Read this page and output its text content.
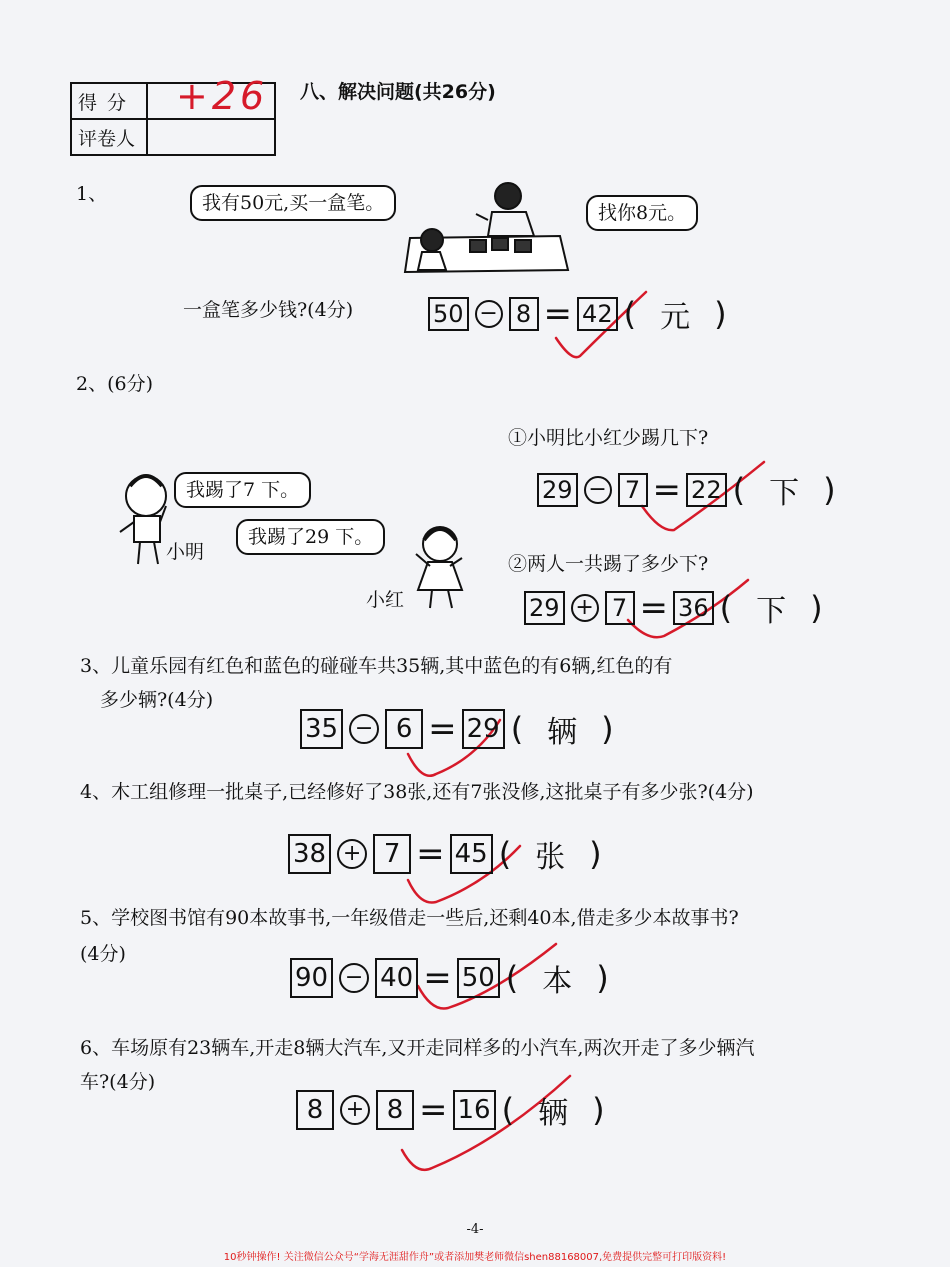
得分	+26

评卷人	
八、解决问题(共26分)
1、	我有50元,买一盒笔。	找你8元。
一盒笔多少钱?(4分)	50 − 8 = 42 ( 元 )
2、(6分)
①小明比小红少踢几下?
我踢了7 下。
我踢了29 下。
小明
小红
29 − 7 = 22 ( 下 )
②两人一共踢了多少下?
29 + 7 = 36 ( 下 )
3、儿童乐园有红色和蓝色的碰碰车共35辆,其中蓝色的有6辆,红色的有
多少辆?(4分)
35 − 6 = 29 ( 辆 )
4、木工组修理一批桌子,已经修好了38张,还有7张没修,这批桌子有多少张?(4分)
38 + 7 = 45 ( 张 )
5、学校图书馆有90本故事书,一年级借走一些后,还剩40本,借走多少本故事书?
(4分)
90 − 40 = 50 ( 本 )
6、车场原有23辆车,开走8辆大汽车,又开走同样多的小汽车,两次开走了多少辆汽
车?(4分)
8	+ 8 = 16 ( 辆 )
-4-
10秒钟操作! 关注微信公众号“学海无涯甜作舟”或者添加樊老师微信shen88168007,免费提供完整可打印版资料!
